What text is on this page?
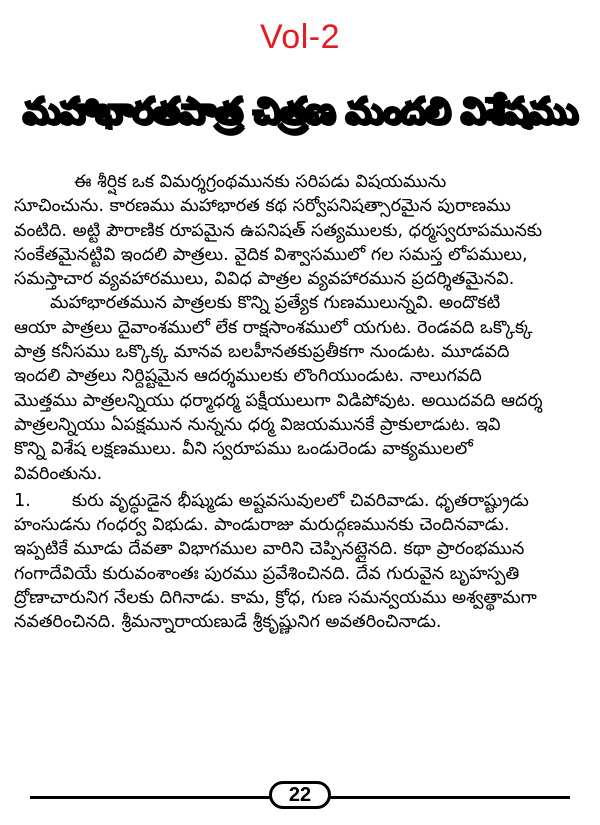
Vol-2
మహాభారతపాత్ర చిత్రణ మందలి విశేషము

ఈ శీర్షిక ఒక విమర్శగ్రంథమునకు సరిపడు విషయమును

సూచించును. కారణము మహాభారత కథ సర్వోపనిషత్సారమైన పురాణము

వంటిది. అట్టి పౌరాణిక రూపమైన ఉపనిషత్ సత్యములకు, ధర్మస్వరూపమునకు

సంకేతమైనట్టివి ఇందలి పాత్రలు. వైదిక విశ్వాసములో గల సమస్త లోపములు,

సమస్తాచార వ్యవహారములు, వివిధ పాత్రల వ్యవహారమున ప్రదర్శితమైనవి.

మహాభారతమున పాత్రలకు కొన్ని ప్రత్యేక గుణములున్నవి. అందొకటి

ఆయా పాత్రలు దైవాంశములో లేక రాక్షసాంశములో యగుట. రెండవది ఒక్కొక్క

పాత్ర కనీసము ఒక్కొక్క మానవ బలహీనతకుప్రతీకగా నుండుట. మూడవది

ఇందలి పాత్రలు నిర్దిష్టమైన ఆదర్శములకు లొంగియుండుట. నాలుగవది

మొత్తము పాత్రలన్నియు ధర్మాధర్మ పక్షీయులుగా విడిపోవుట. అయిదవది ఆదర్శ

పాత్రలన్నియు ఏపక్షమున నున్నను ధర్మ విజయమునకే ప్రాకులాడుట. ఇవి

కొన్ని విశేష లక్షణములు. వీని స్వరూపము ఒండురెండు వాక్యములలో

వివరింతును.

1. కురు వృద్ధుడైన భీష్ముడు అష్టవసువులలో చివరివాడు. ధృతరాష్ట్రుడు

హంసుడను గంధర్వ విభుడు. పాండురాజు మరుద్గణమునకు చెందినవాడు.

ఇప్పటికే మూడు దేవతా విభాగముల వారిని చెప్పినట్లైనది. కథా ప్రారంభమున

గంగాదేవియే కురువంశాంతః పురము ప్రవేశించినది. దేవ గురువైన బృహస్పతి

ద్రోణాచారునిగ నేలకు దిగినాడు. కామ, క్రోధ, గుణ సమన్వయము అశ్వత్థామగా

నవతరించినది. శ్రీమన్నారాయణుడే శ్రీకృష్ణునిగ అవతరించినాడు.

22
